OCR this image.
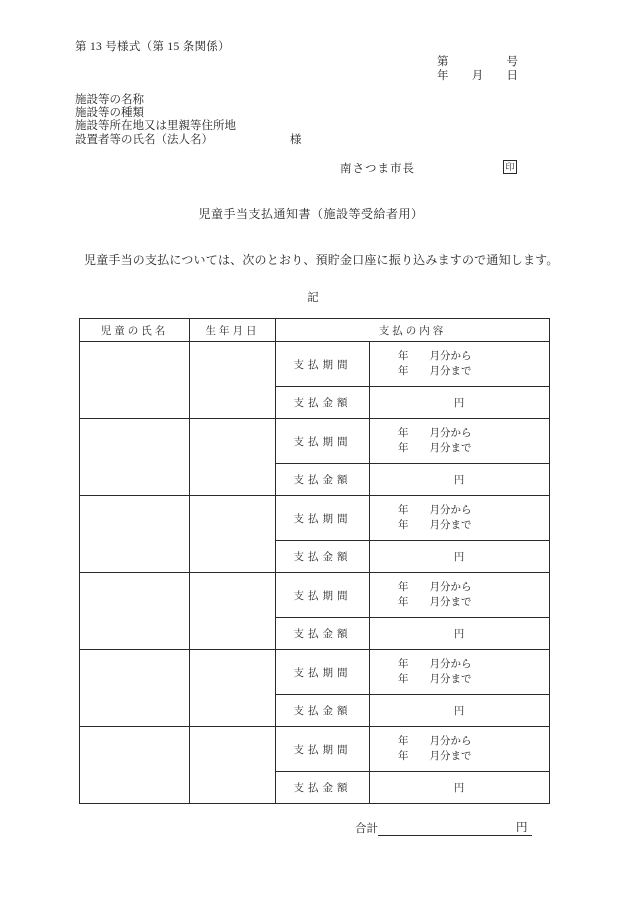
第 13 号様式（第 15 条関係）
第	号
年 月 日
施設等の名称
施設等の種類
施設等所在地又は里親等住所地
設置者等の氏名（法人名）	様
南さつま市長	印
児童手当支払通知書（施設等受給者用）
児童手当の支払については、次のとおり、預貯金口座に振り込みますので通知します。
記
児童の氏名	生年月日	支払の内容	
		支払期間	年　　月分から
年　　月分まで

		支払金額	円
		支払期間	年　　月分から
年　　月分まで

		支払金額	円
		支払期間	年　　月分から
年　　月分まで

		支払金額	円
		支払期間	年　　月分から
年　　月分まで

		支払金額	円
		支払期間	年　　月分から
年　　月分まで

		支払金額	円
		支払期間	年　　月分から
年　　月分まで

		支払金額	円
合計	円
